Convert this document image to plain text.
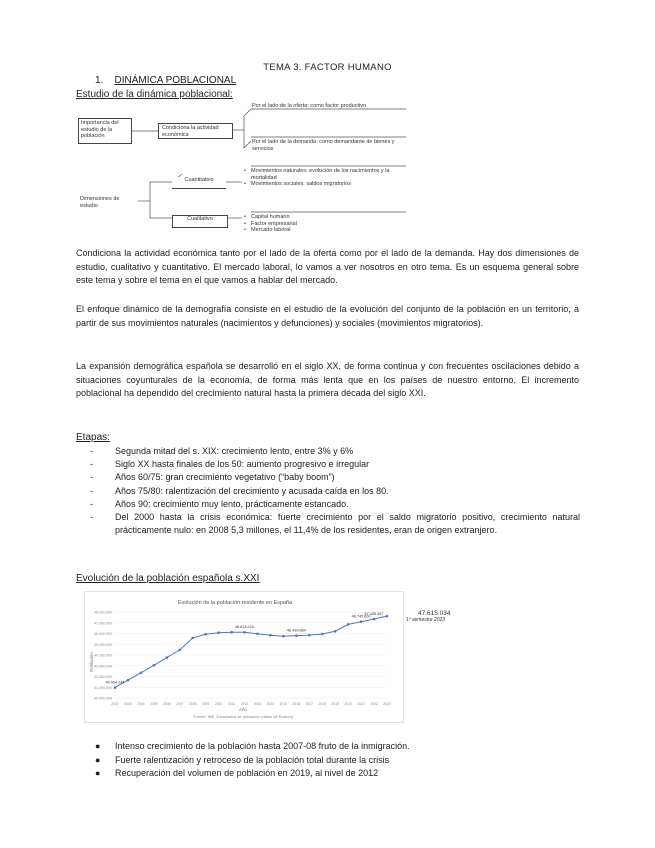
TEMA 3. FACTOR HUMANO
1. DINÁMICA POBLACIONAL
Estudio de la dinámica poblacional:
Importancia del estudio de la población
Condiciona la actividad económica
Por el lado de la oferta: como factor productivo
Por el lado de la demanda: como demandante de bienes y servicios
Dimensiones de estudio
Cuantitativo
Cualitativo
• Movimientos naturales: evolución de los nacimientos y la mortalidad
• Movimientos sociales: saldos migratorios
• Capital humano
• Factor empresarial
• Mercado laboral
Condiciona la actividad económica tanto por el lado de la oferta como por el lado de la demanda. Hay dos dimensiones de estudio, cualitativo y cuantitativo. El mercado laboral, lo vamos a ver nosotros en otro tema. Es un esquema general sobre este tema y sobre el tema en el que vamos a hablar del mercado.
El enfoque dinámico de la demografía consiste en el estudio de la evolución del conjunto de la población en un territorio, a partir de sus movimientos naturales (nacimientos y defunciones) y sociales (movimientos migratorios).
La expansión demográfica española se desarrolló en el siglo XX, de forma continua y con frecuentes oscilaciones debido a situaciones coyunturales de la economía, de forma más lenta que en los países de nuestro entorno. El incremento poblacional ha dependido del crecimiento natural hasta la primera década del siglo XXI.
Etapas:
-	Segunda mitad del s. XIX: crecimiento lento, entre 3% y 6%
-	Siglo XX hasta finales de los 50: aumento progresivo e irregular
-	Años 60/75: gran crecimiento vegetativo (“baby boom”)
-	Años 75/80: ralentización del crecimiento y acusada caída en los 80.
-	Años 90: crecimiento muy lento, prácticamente estancado.
-	Del 2000 hasta la crisis económica: fuerte crecimiento por el saldo migratorio positivo, crecimiento natural prácticamente nulo: en 2008 5,3 millones, el 11,4% de los residentes, eran de origen extranjero.
Evolución de la población española s.XXI
Evolución de la población residente en España
Población
Año
Fuente: INE. Estadística de población (datos de Padrón)
2002 2003 2004 2005 2006 2007 2008 2009 2010 2011 2012 2013 2014 2015 2016 2017 2018 2019 2020 2021 2022 2023
40.000.000
41.000.000
42.000.000
43.000.000
44.000.000
45.000.000
46.000.000
47.000.000
48.000.000
40.964.244
46.818.216
46.439.864
46.745.600
47.435.597	47.615.034
1º semestre 2023
●	Intenso crecimiento de la población hasta 2007-08 fruto de la inmigración.
●	Fuerte ralentización y retroceso de la población total durante la crisis
●	Recuperación del volumen de población en 2019, al nivel de 2012
